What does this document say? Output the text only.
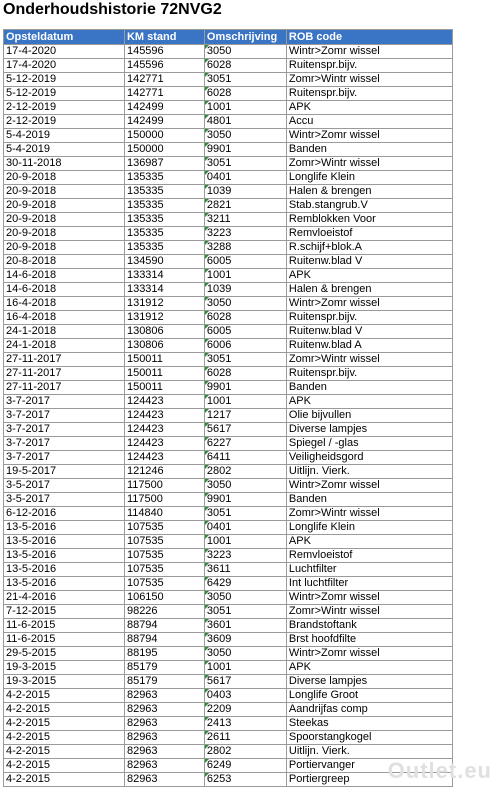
Onderhoudshistorie 72NVG2
Opsteldatum	KM stand	Omschrijving	ROB code
17-4-2020	145596	3050	Wintr>Zomr wissel
17-4-2020	145596	6028	Ruitenspr.bijv.
5-12-2019	142771	3051	Zomr>Wintr wissel
5-12-2019	142771	6028	Ruitenspr.bijv.
2-12-2019	142499	1001	APK
2-12-2019	142499	4801	Accu
5-4-2019	150000	3050	Wintr>Zomr wissel
5-4-2019	150000	9901	Banden
30-11-2018	136987	3051	Zomr>Wintr wissel
20-9-2018	135335	0401	Longlife Klein
20-9-2018	135335	1039	Halen & brengen
20-9-2018	135335	2821	Stab.stangrub.V
20-9-2018	135335	3211	Remblokken Voor
20-9-2018	135335	3223	Remvloeistof
20-9-2018	135335	3288	R.schijf+blok.A
20-8-2018	134590	6005	Ruitenw.blad V
14-6-2018	133314	1001	APK
14-6-2018	133314	1039	Halen & brengen
16-4-2018	131912	3050	Wintr>Zomr wissel
16-4-2018	131912	6028	Ruitenspr.bijv.
24-1-2018	130806	6005	Ruitenw.blad V
24-1-2018	130806	6006	Ruitenw.blad A
27-11-2017	150011	3051	Zomr>Wintr wissel
27-11-2017	150011	6028	Ruitenspr.bijv.
27-11-2017	150011	9901	Banden
3-7-2017	124423	1001	APK
3-7-2017	124423	1217	Olie bijvullen
3-7-2017	124423	5617	Diverse lampjes
3-7-2017	124423	6227	Spiegel / -glas
3-7-2017	124423	6411	Veiligheidsgord
19-5-2017	121246	2802	Uitlijn. Vierk.
3-5-2017	117500	3050	Wintr>Zomr wissel
3-5-2017	117500	9901	Banden
6-12-2016	114840	3051	Zomr>Wintr wissel
13-5-2016	107535	0401	Longlife Klein
13-5-2016	107535	1001	APK
13-5-2016	107535	3223	Remvloeistof
13-5-2016	107535	3611	Luchtfilter
13-5-2016	107535	6429	Int luchtfilter
21-4-2016	106150	3050	Wintr>Zomr wissel
7-12-2015	98226	3051	Zomr>Wintr wissel
11-6-2015	88794	3601	Brandstoftank
11-6-2015	88794	3609	Brst hoofdfilte
29-5-2015	88195	3050	Wintr>Zomr wissel
19-3-2015	85179	1001	APK
19-3-2015	85179	5617	Diverse lampjes
4-2-2015	82963	0403	Longlife Groot
4-2-2015	82963	2209	Aandrijfas comp
4-2-2015	82963	2413	Steekas
4-2-2015	82963	2611	Spoorstangkogel
4-2-2015	82963	2802	Uitlijn. Vierk.
4-2-2015	82963	6249	Portiervanger
4-2-2015	82963	6253	Portiergreep Outlet.eu
